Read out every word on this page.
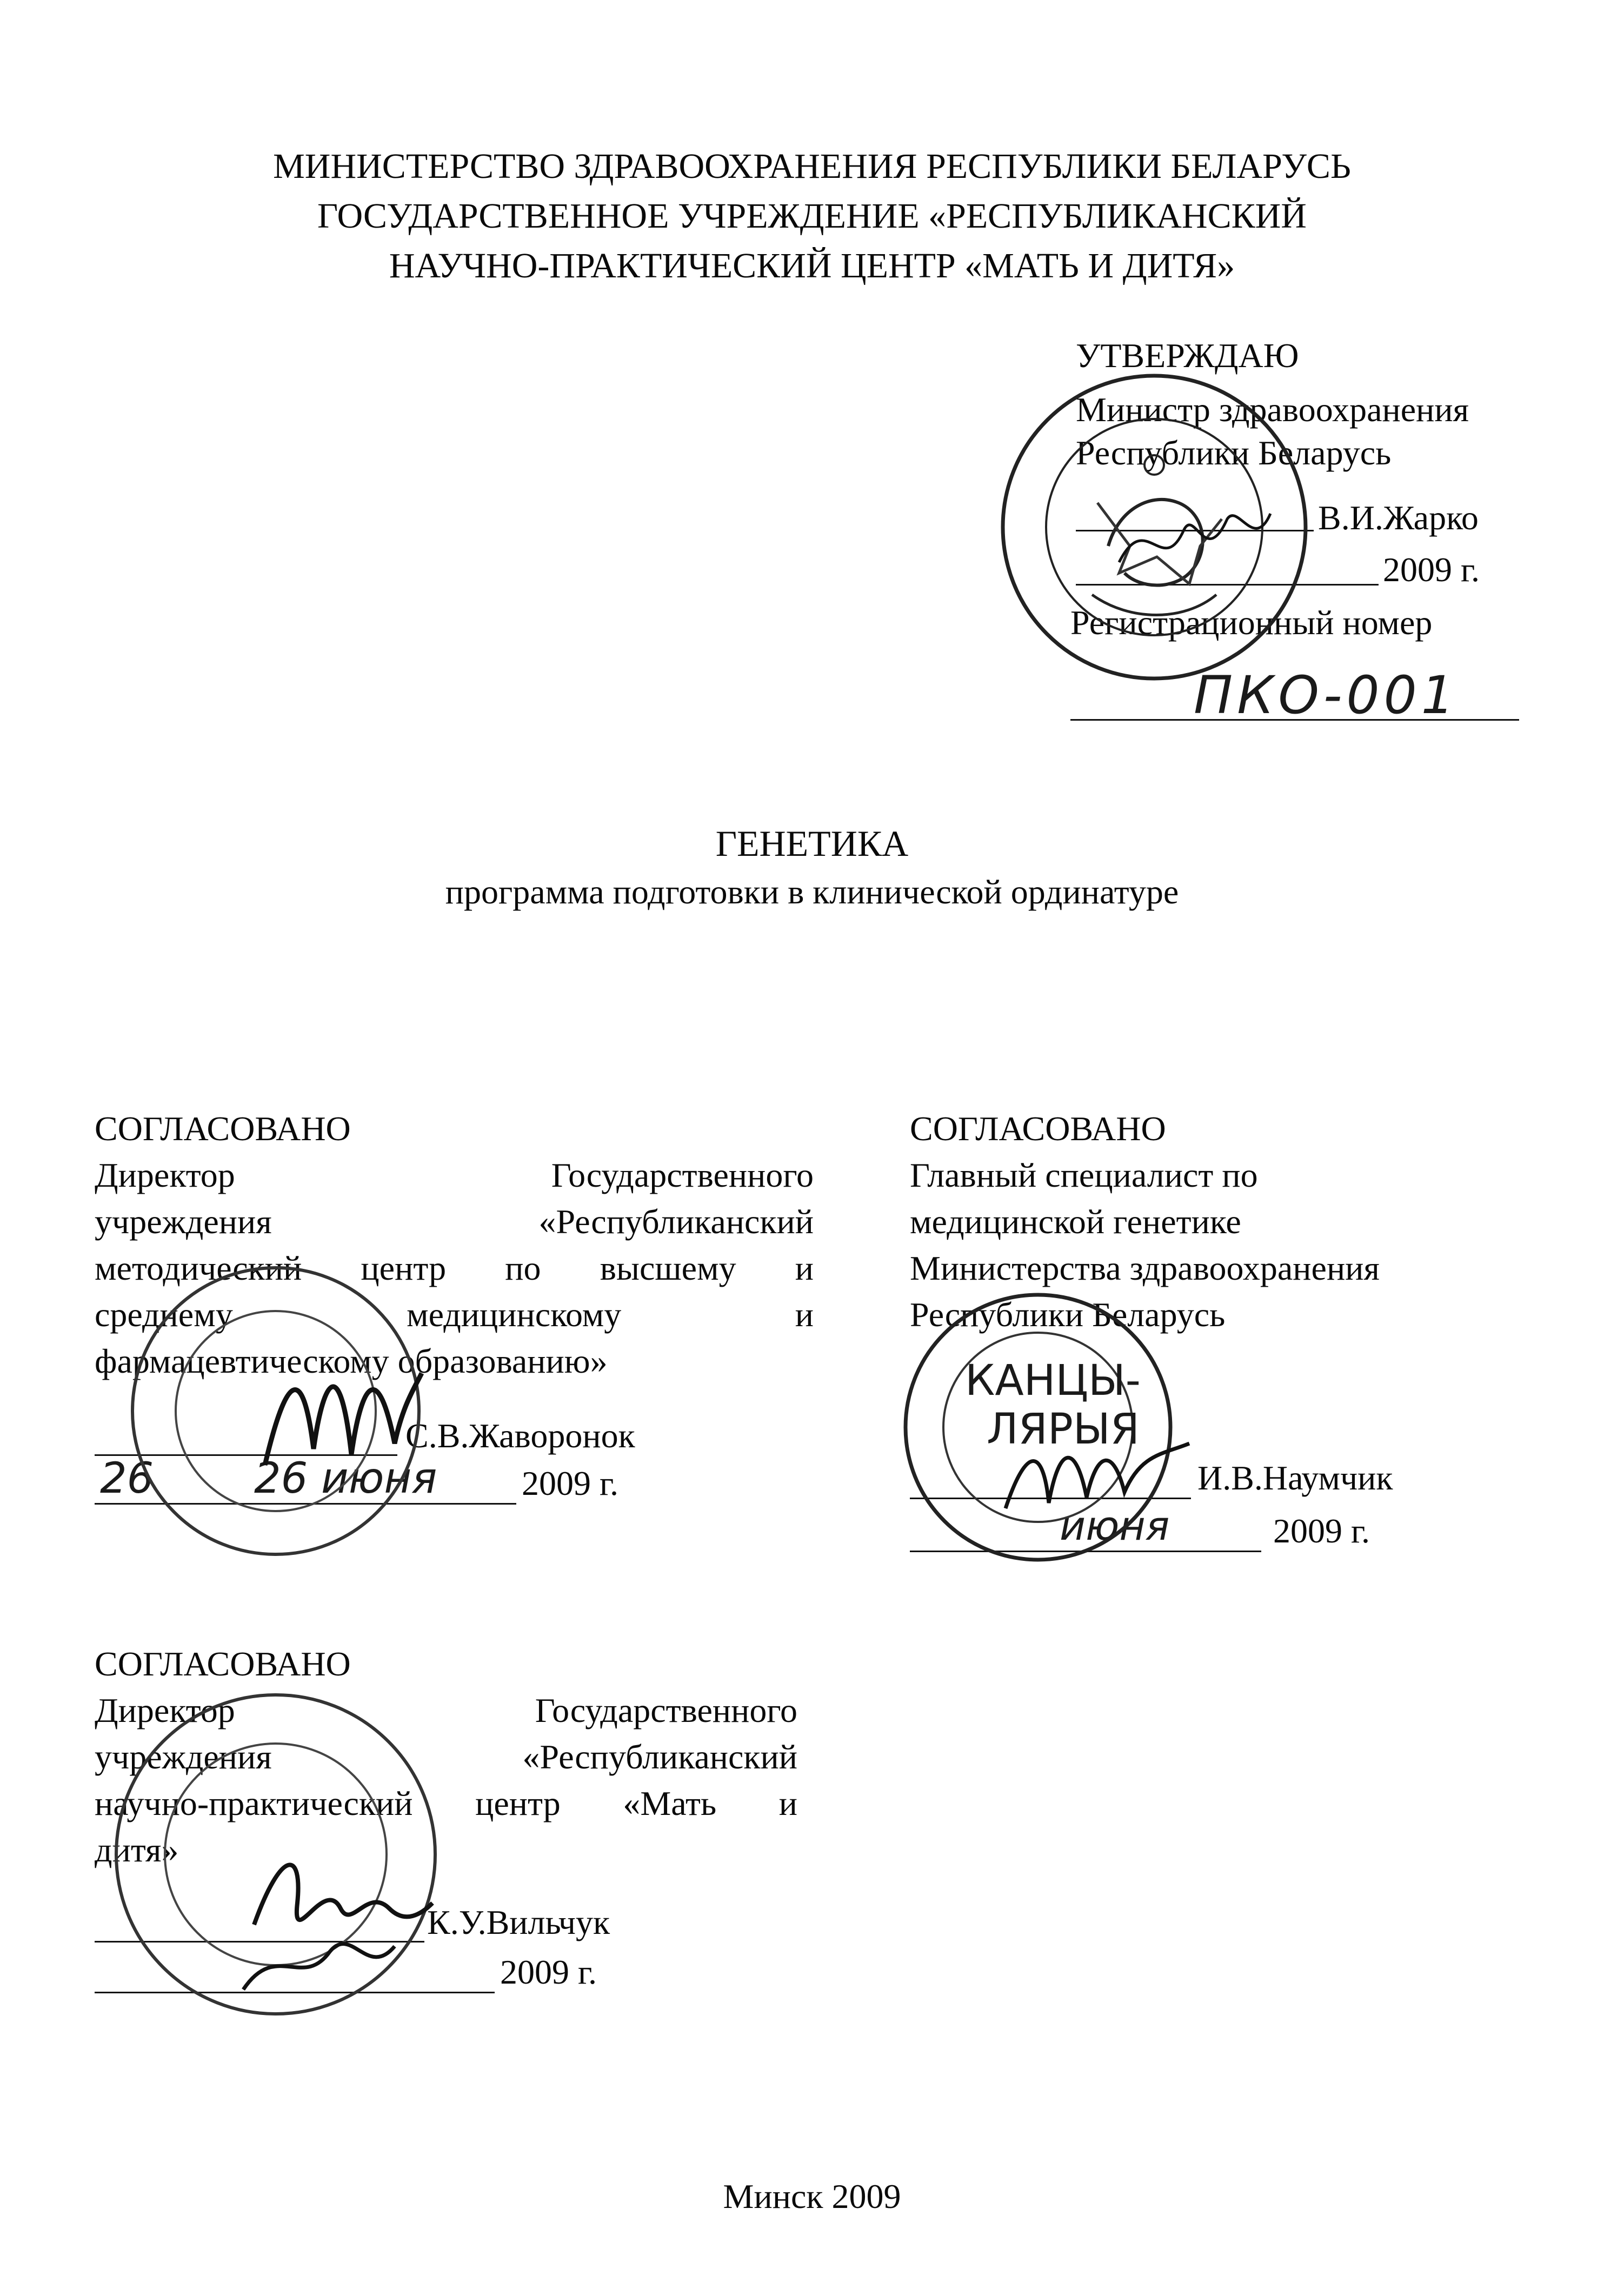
МИНИСТЕРСТВО ЗДРАВООХРАНЕНИЯ РЕСПУБЛИКИ БЕЛАРУСЬ
ГОСУДАРСТВЕННОЕ УЧРЕЖДЕНИЕ «РЕСПУБЛИКАНСКИЙ
НАУЧНО-ПРАКТИЧЕСКИЙ ЦЕНТР «МАТЬ И ДИТЯ»
УТВЕРЖДАЮ
Министр здравоохранения
Республики Беларусь
В.И.Жарко
2009 г.
Регистрационный номер
ПКО-001
ГЕНЕТИКА
программа подготовки в клинической ординатуре
СОГЛАСОВАНО
Директор	Государственного
учреждения	«Республиканский
методический центр по высшему и
среднему	медицинскому	и
фармацевтическому образованию»
С.В.Жаворонок
26 26 июня 2009 г.
СОГЛАСОВАНО
Главный специалист по
медицинской генетике
Министерства здравоохранения
Республики Беларусь
И.В.Наумчик
июня	2009 г.
КАНЦЫ-
ЛЯРЫЯ
СОГЛАСОВАНО
Директор	Государственного
учреждения	«Республиканский
научно-практический центр «Мать и
дитя»
К.У.Вильчук
2009 г.
Минск 2009
